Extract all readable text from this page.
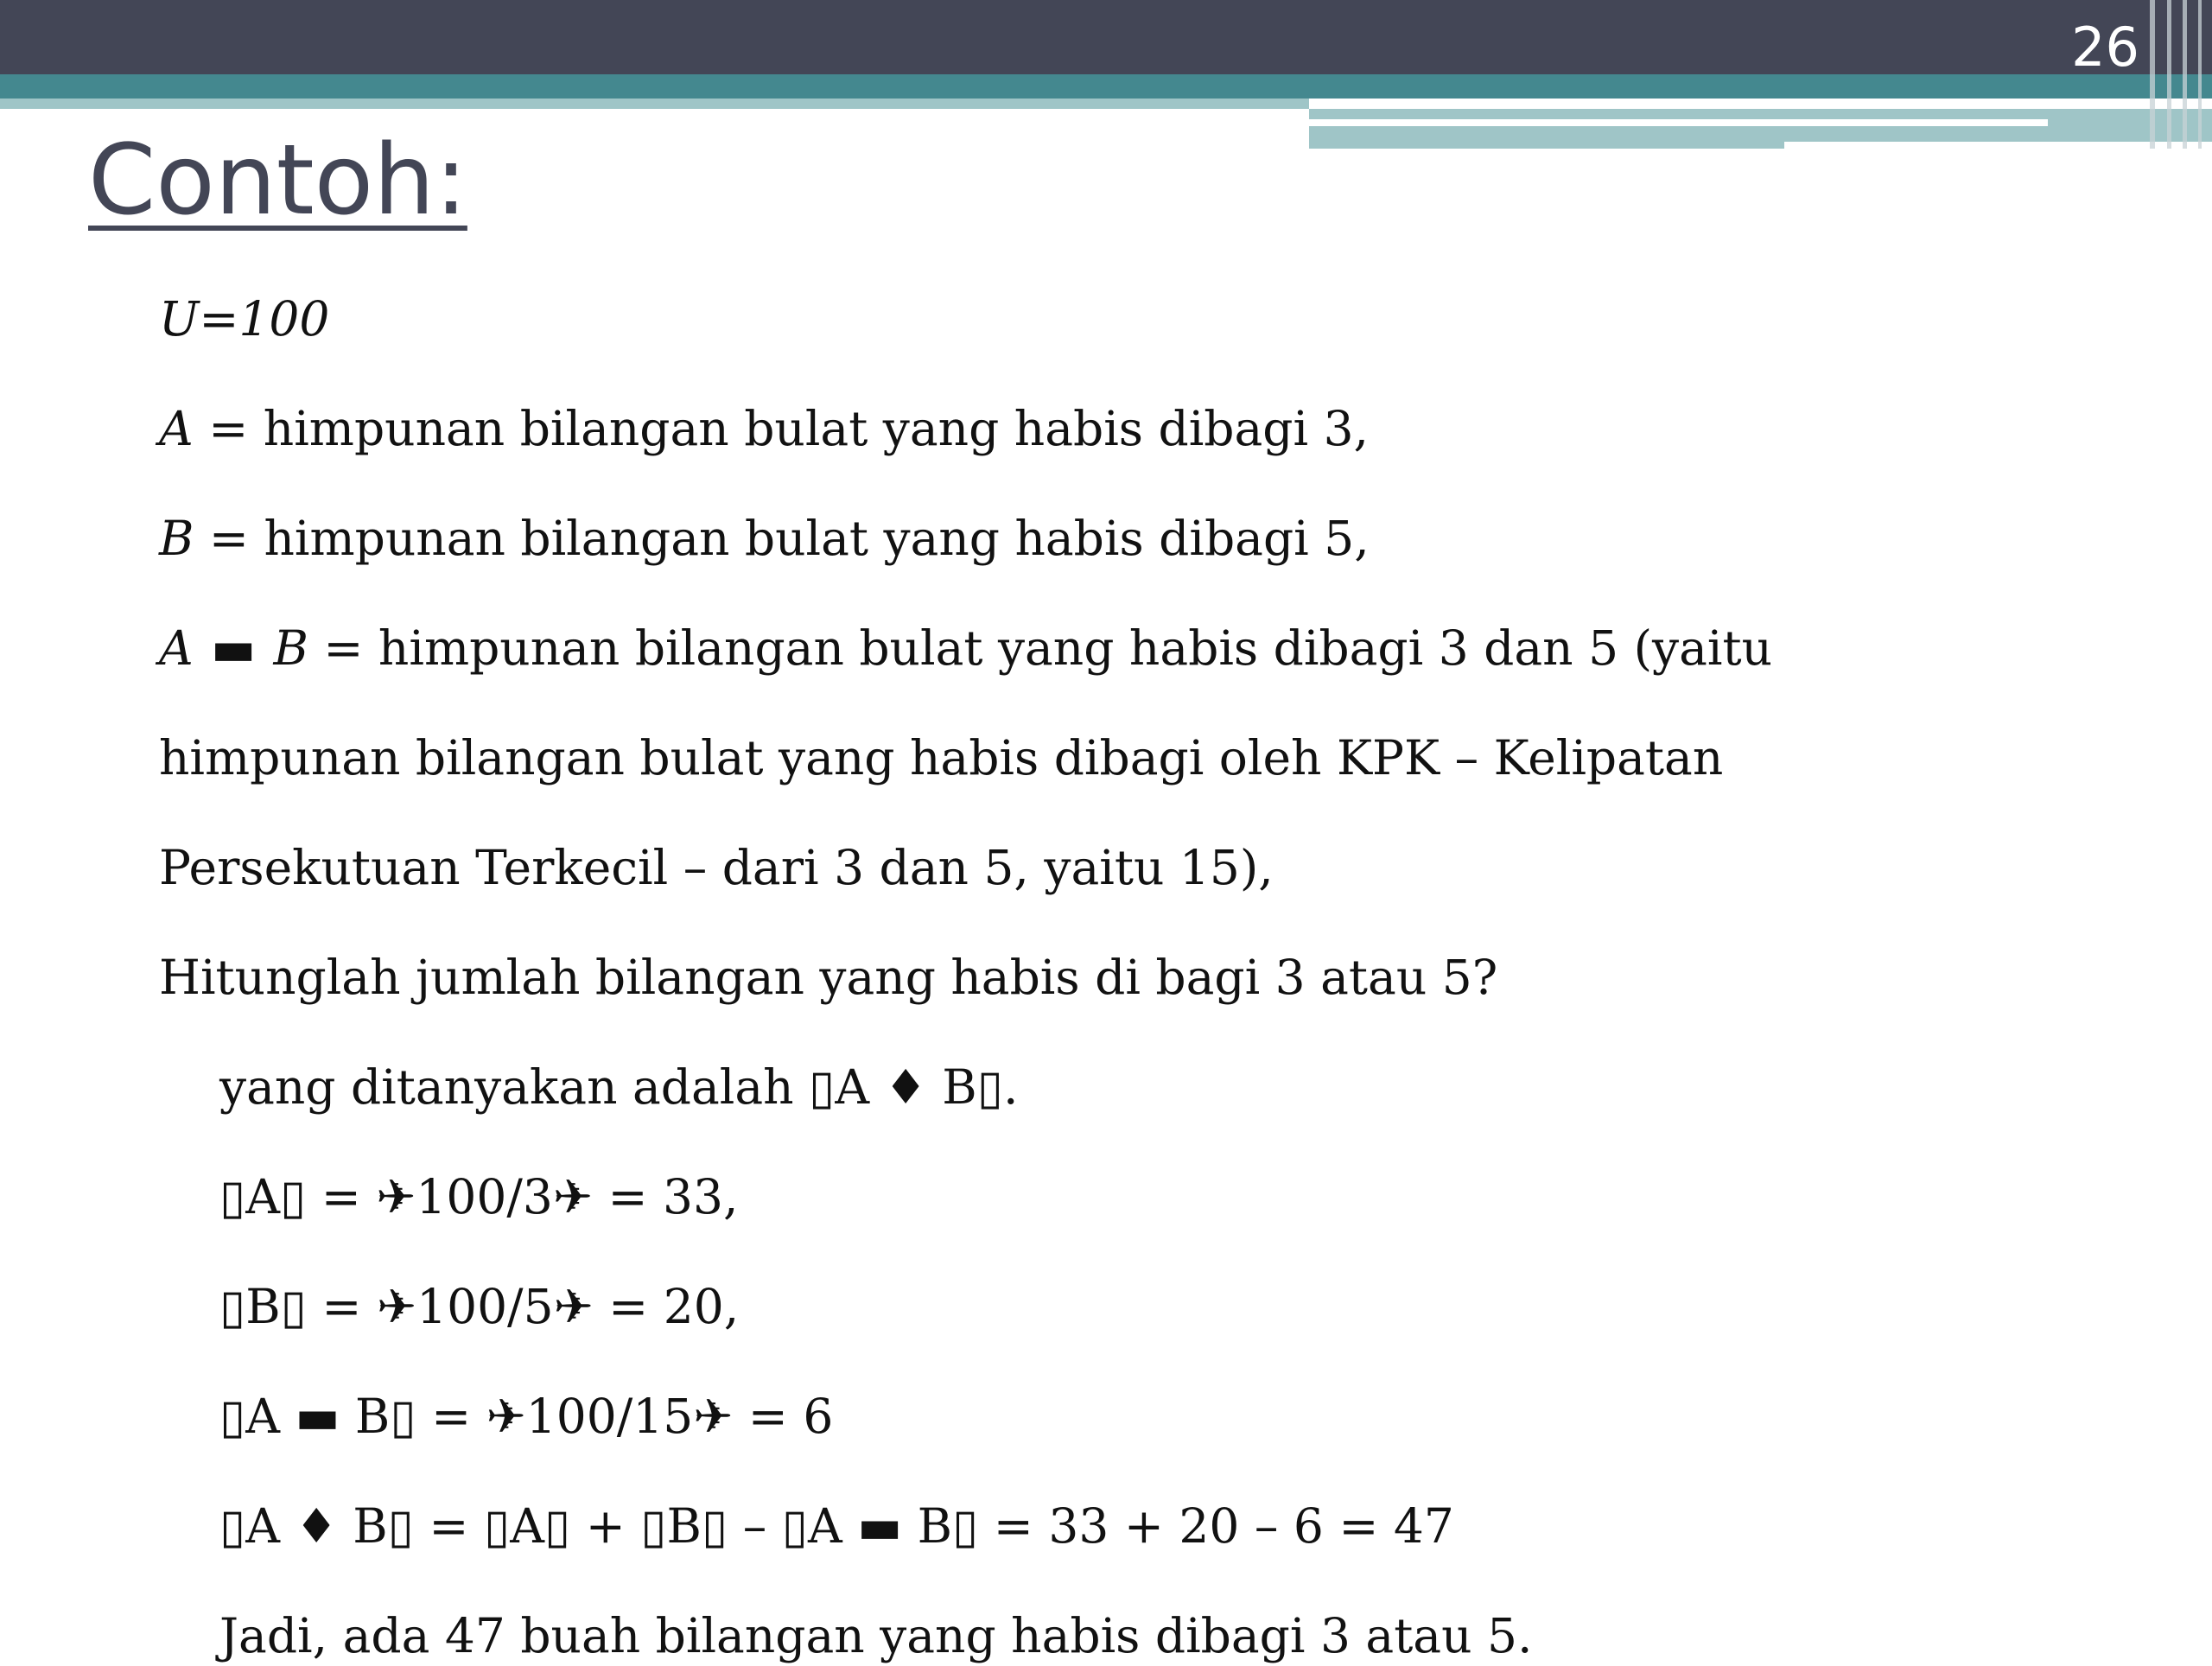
26
Contoh:
U=100
A = himpunan bilangan bulat yang habis dibagi 3,
B = himpunan bilangan bulat yang habis dibagi 5,
A ▬ B = himpunan bilangan bulat yang habis dibagi 3 dan 5 (yaitu
himpunan bilangan bulat yang habis dibagi oleh KPK – Kelipatan
Persekutuan Terkecil – dari 3 dan 5, yaitu 15),
Hitunglah jumlah bilangan yang habis di bagi 3 atau 5?
yang ditanyakan adalah ▯A ♦ B▯.
▯A▯ = ✈100/3✈ = 33,
▯B▯ = ✈100/5✈ = 20,
▯A ▬ B▯ = ✈100/15✈ = 6
▯A ♦ B▯ = ▯A▯ + ▯B▯ – ▯A ▬ B▯ = 33 + 20 – 6 = 47
Jadi, ada 47 buah bilangan yang habis dibagi 3 atau 5.
